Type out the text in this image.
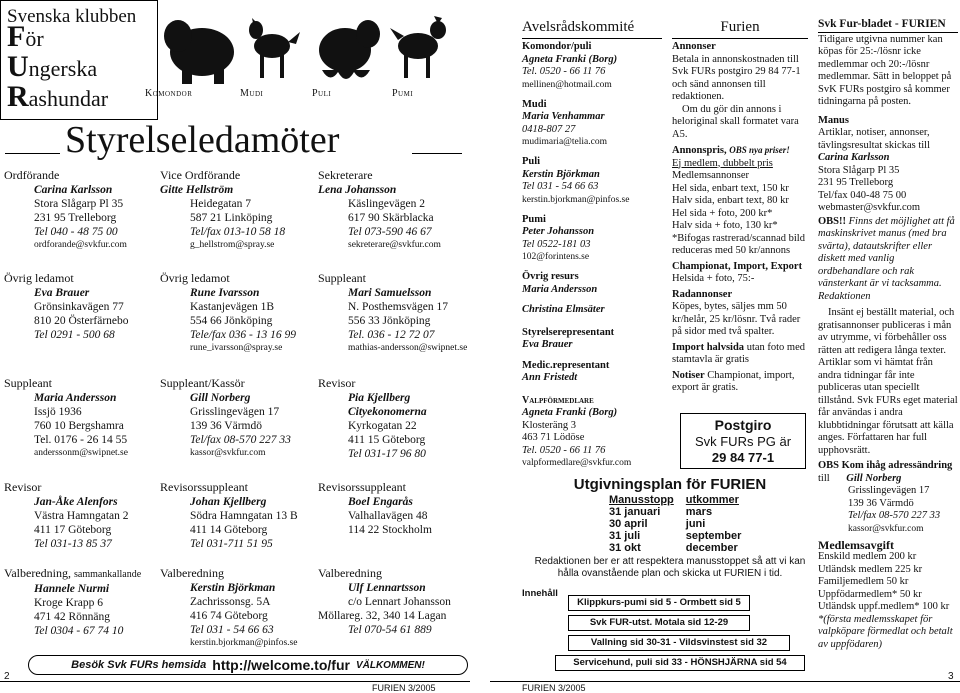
Svenska klubben
För
Ungerska
Rashundar	Komondor	Mudi	Puli	Pumi
Styrelseledamöter
Ordförande
Carina Karlsson
Stora Slågarp Pl 35
231 95 Trelleborg
Tel 040 - 48 75 00
ordforande@svkfur.com
Vice Ordförande
Gitte Hellström
Heidegatan 7
587 21 Linköping
Tel/fax 013-10 58 18
g_hellstrom@spray.se
Sekreterare
Lena Johansson
Käslingevägen 2
617 90 Skärblacka
Tel 073-590 46 67
sekreterare@svkfur.com
Övrig ledamot
Eva Brauer
Grönsinkavägen 77
810 20 Österfärnebo
Tel 0291 - 500 68
Övrig ledamot
Rune Ivarsson
Kastanjevägen 1B
554 66 Jönköping
Tele/fax 036 - 13 16 99
rune_ivarsson@spray.se
Suppleant
Mari Samuelsson
N. Posthemsvägen 17
556 33 Jönköping
Tel. 036 - 12 72 07
mathias-andersson@swipnet.se
Suppleant
Maria Andersson
Issjö 1936
760 10 Bergshamra
Tel. 0176 - 26 14 55
anderssonm@swipnet.se
Suppleant/Kassör
Gill Norberg
Grisslingevägen 17
139 36 Värmdö
Tel/fax 08-570 227 33
kassor@svkfur.com
Revisor
Pia Kjellberg
Cityekonomerna
Kyrkogatan 22
411 15 Göteborg
Tel 031-17 96 80
Revisor
Jan-Åke Alenfors
Västra Hamngatan 2
411 17 Göteborg
Tel 031-13 85 37
Revisorssuppleant
Johan Kjellberg
Södra Hamngatan 13 B
411 14 Göteborg
Tel 031-711 51 95
Revisorssuppleant
Boel Engarås
Valhallavägen 48
114 22 Stockholm
Valberedning, sammankallande
Hannele Nurmi
Kroge Krapp 6
471 42 Rönnäng
Tel 0304 - 67 74 10
Valberedning
Kerstin Björkman
Zachrissonsg. 5A
416 74 Göteborg
Tel 031 - 54 66 63
kerstin.bjorkman@pinfos.se
Valberedning
Ulf Lennartsson
c/o Lennart Johansson
Möllareg. 32, 340 14 Lagan
Tel 070-54 61 889
Besök Svk FURs hemsida http://welcome.to/fur VÄLKOMMEN!
2
FURIEN 3/2005
Avelsrådskommité
Komondor/puli
Agneta Franki (Borg)
Tel. 0520 - 66 11 76
mellinen@hotmail.com
Mudi
Maria Venhammar
0418-807 27
mudimaria@telia.com
Puli
Kerstin Björkman
Tel 031 - 54 66 63
kerstin.bjorkman@pinfos.se
Pumi
Peter Johansson
Tel 0522-181 03
102@forintens.se
Övrig resurs
Maria Andersson
Christina Elmsäter
Styrelserepresentant
Eva Brauer
Medic.representant
Ann Fristedt
Valpförmedlare
Agneta Franki (Borg)
Klosteräng 3
463 71 Lödöse
Tel. 0520 - 66 11 76
valpformedlare@svkfur.com
Furien
Annonser
Betala in annonskostnaden till Svk FURs postgiro 29 84 77-1 och sänd annonsen till redaktionen.
Om du gör din annons i heloriginal skall formatet vara A5.
Annonspris, OBS nya priser!
Ej medlem, dubbelt pris
Medlemsannonser
Hel sida, enbart text, 150 kr
Halv sida, enbart text, 80 kr
Hel sida + foto, 200 kr*
Halv sida + foto, 130 kr*
*Bifogas rastrerad/scannad bild reduceras med 50 kr/annons
Championat, Import, Export
Helsida + foto, 75:-
Radannonser
Köpes, bytes, säljes mm 50 kr/helår, 25 kr/lösnr. Två rader på sidor med två spalter.
Import halvsida utan foto med stamtavla är gratis
Notiser Championat, import, export är gratis.
Postgiro
Svk FURs PG är
29 84 77-1
Svk Fur-bladet - FURIEN
Tidigare utgivna nummer kan köpas för 25:-/lösnr icke medlemmar och 20:-/lösnr medlemmar. Sätt in beloppet på SvK FURs postgiro så kommer tidningarna på posten.
Manus
Artiklar, notiser, annonser, tävlingsresultat skickas till
Carina Karlsson
Stora Slågarp Pl 35
231 95 Trelleborg
Tel/fax 040-48 75 00
webmaster@svkfur.com
OBS!! Finns det möjlighet att få maskinskrivet manus (med bra svärta), datautskrifter eller diskett med vanlig ordbehandlare och rak vänsterkant är vi tacksamma. Redaktionen
Insänt ej beställt material, och gratisannonser publiceras i mån av utrymme, vi förbehåller oss rätten att redigera långa texter. Artiklar som vi hämtat från andra tidningar får inte publiceras utan speciellt tillstånd. Svk FURs eget material får användas i andra klubbtidningar förutsatt att källa anges. Författaren har full upphovsrätt.
OBS Kom ihåg adressändring
till Gill Norberg
Grisslingevägen 17
139 36 Värmdö
Tel/fax 08-570 227 33
kassor@svkfur.com
Medlemsavgift
Enskild medlem 200 kr
Utländsk medlem 225 kr
Familjemedlem 50 kr
Uppfödarmedlem* 50 kr
Utländsk uppf.medlem* 100 kr
*(första medlemsskapet för valpköpare förmedlat och betalt av uppfödaren)
Utgivningsplan för FURIEN
Manusstopp	utkommer
31 januari	mars
30 april	juni
31 juli	september
31 okt	december
Redaktionen ber er att respektera manusstoppet så att vi kan
hålla ovanstående plan och skicka ut FURIEN i tid.
Innehåll
Klippkurs-pumi sid 5 - Ormbett sid 5
Svk FUR-utst. Motala sid 12-29
Vallning sid 30-31 - Vildsvinstest sid 32
Servicehund, puli sid 33 - HÖNSHJÄRNA sid 54
FURIEN 3/2005
3
